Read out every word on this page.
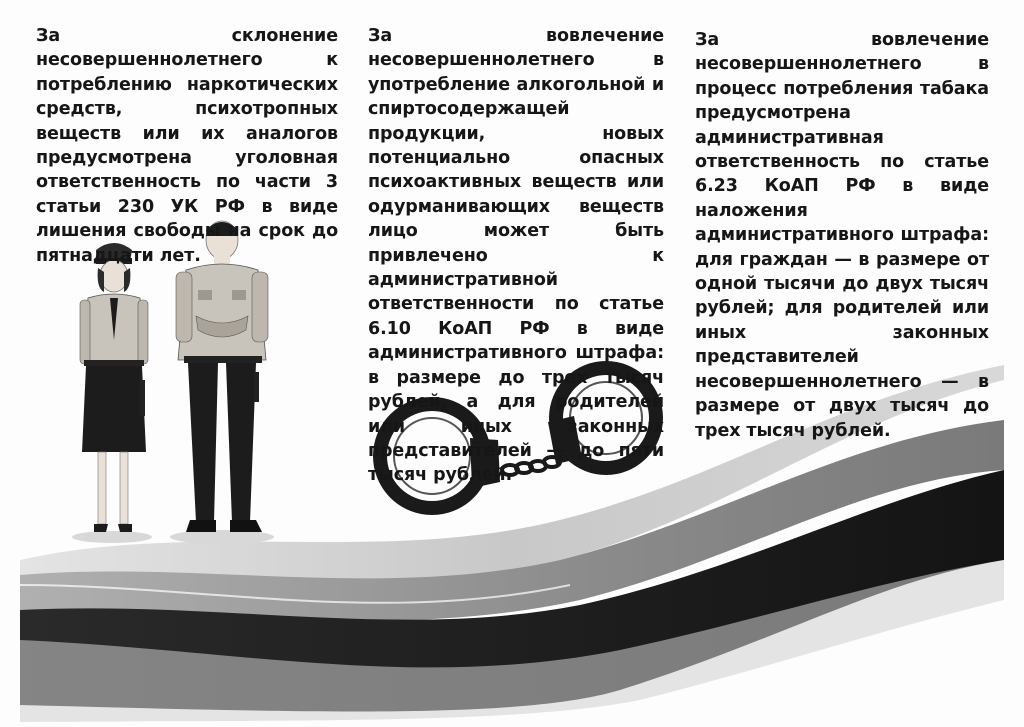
За склонение несовершеннолетнего к потреблению наркотических средств, психотропных веществ или их аналогов предусмотрена уголовная ответственность по части 3 статьи 230 УК РФ в виде лишения свободы на срок до пятнадцати лет.
За вовлечение несовершеннолетнего в употребление алкогольной и спиртосодержащей продукции, новых потенциально опасных психоактивных веществ или одурманивающих веществ лицо может быть привлечено к административной ответственности по статье 6.10 КоАП РФ в виде административного штрафа: в размере до трех тысяч рублей, а для родителей или иных законных представителей — до пяти тысяч рублей.
За вовлечение несовершеннолетнего в процесс потребления табака предусмотрена административная ответственность по статье 6.23 КоАП РФ в виде наложения административного штрафа: для граждан — в размере от одной тысячи до двух тысяч рублей; для родителей или иных законных представителей несовершеннолетнего — в размере от двух тысяч до трех тысяч рублей.
